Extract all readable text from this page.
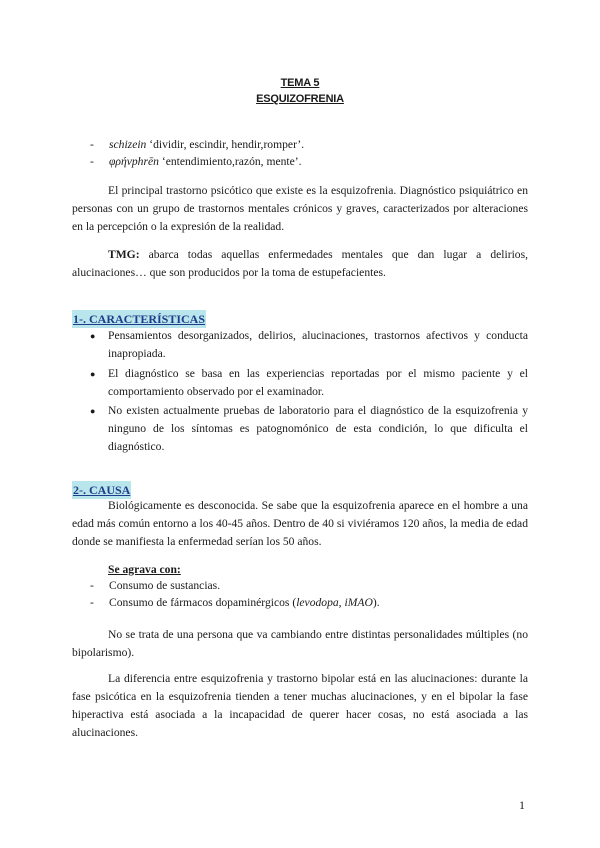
TEMA 5
ESQUIZOFRENIA
- schizein ‘dividir, escindir, hendir,romper’.
- φρήνphrēn ‘entendimiento,razón, mente’.
El principal trastorno psicótico que existe es la esquizofrenia. Diagnóstico psiquiátrico en personas con un grupo de trastornos mentales crónicos y graves, caracterizados por alteraciones en la percepción o la expresión de la realidad.
TMG: abarca todas aquellas enfermedades mentales que dan lugar a delirios, alucinaciones… que son producidos por la toma de estupefacientes.
1-. CARACTERÍSTICAS
● Pensamientos desorganizados, delirios, alucinaciones, trastornos afectivos y conducta inapropiada.
● El diagnóstico se basa en las experiencias reportadas por el mismo paciente y el comportamiento observado por el examinador.
● No existen actualmente pruebas de laboratorio para el diagnóstico de la esquizofrenia y ninguno de los síntomas es patognomónico de esta condición, lo que dificulta el diagnóstico.
2-. CAUSA
Biológicamente es desconocida. Se sabe que la esquizofrenia aparece en el hombre a una edad más común entorno a los 40-45 años. Dentro de 40 si viviéramos 120 años, la media de edad donde se manifiesta la enfermedad serían los 50 años.
Se agrava con:
- Consumo de sustancias.
- Consumo de fármacos dopaminérgicos (levodopa, iMAO).
No se trata de una persona que va cambiando entre distintas personalidades múltiples (no bipolarismo).
La diferencia entre esquizofrenia y trastorno bipolar está en las alucinaciones: durante la fase psicótica en la esquizofrenia tienden a tener muchas alucinaciones, y en el bipolar la fase hiperactiva está asociada a la incapacidad de querer hacer cosas, no está asociada a las alucinaciones.
1
